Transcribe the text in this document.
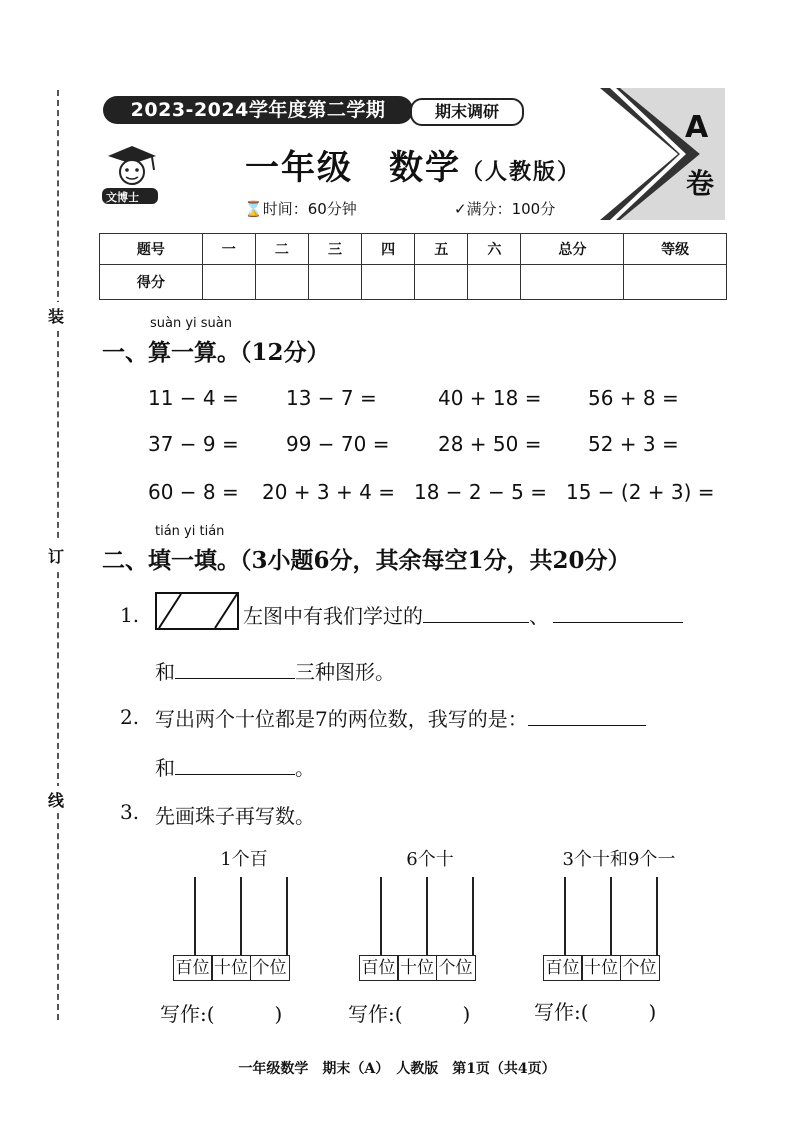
装
订
线
2023-2024学年度第二学期	期末调研
文博士
一年级　数学（人教版）
⌛时间：60分钟	✓满分：100分
A
卷
题号	一	二	三	四	五	六	总分	等级
得分								
suàn yi suàn
一、算一算。（12分）
11 − 4 = 13 − 7 =	40 + 18 = 56 + 8 =
37 − 9 = 99 − 70 = 28 + 50 = 52 + 3 =
60 − 8 = 20 + 3 + 4 = 18 − 2 − 5 = 15 − (2 + 3) =
tián yi tián
二、填一填。（3小题6分，其余每空1分，共20分）
1.	左图中有我们学过的	、
和	三种图形。
2. 写出两个十位都是7的两位数，我写的是：
和	。
3. 先画珠子再写数。
1个百
百位 十位 个位
写作:(　　　)
6个十
百位 十位 个位
写作:(　　　)
3个十和9个一
百位 十位 个位
写作:(　　　)
一年级数学　期末（A）　人教版　第1页（共4页）
